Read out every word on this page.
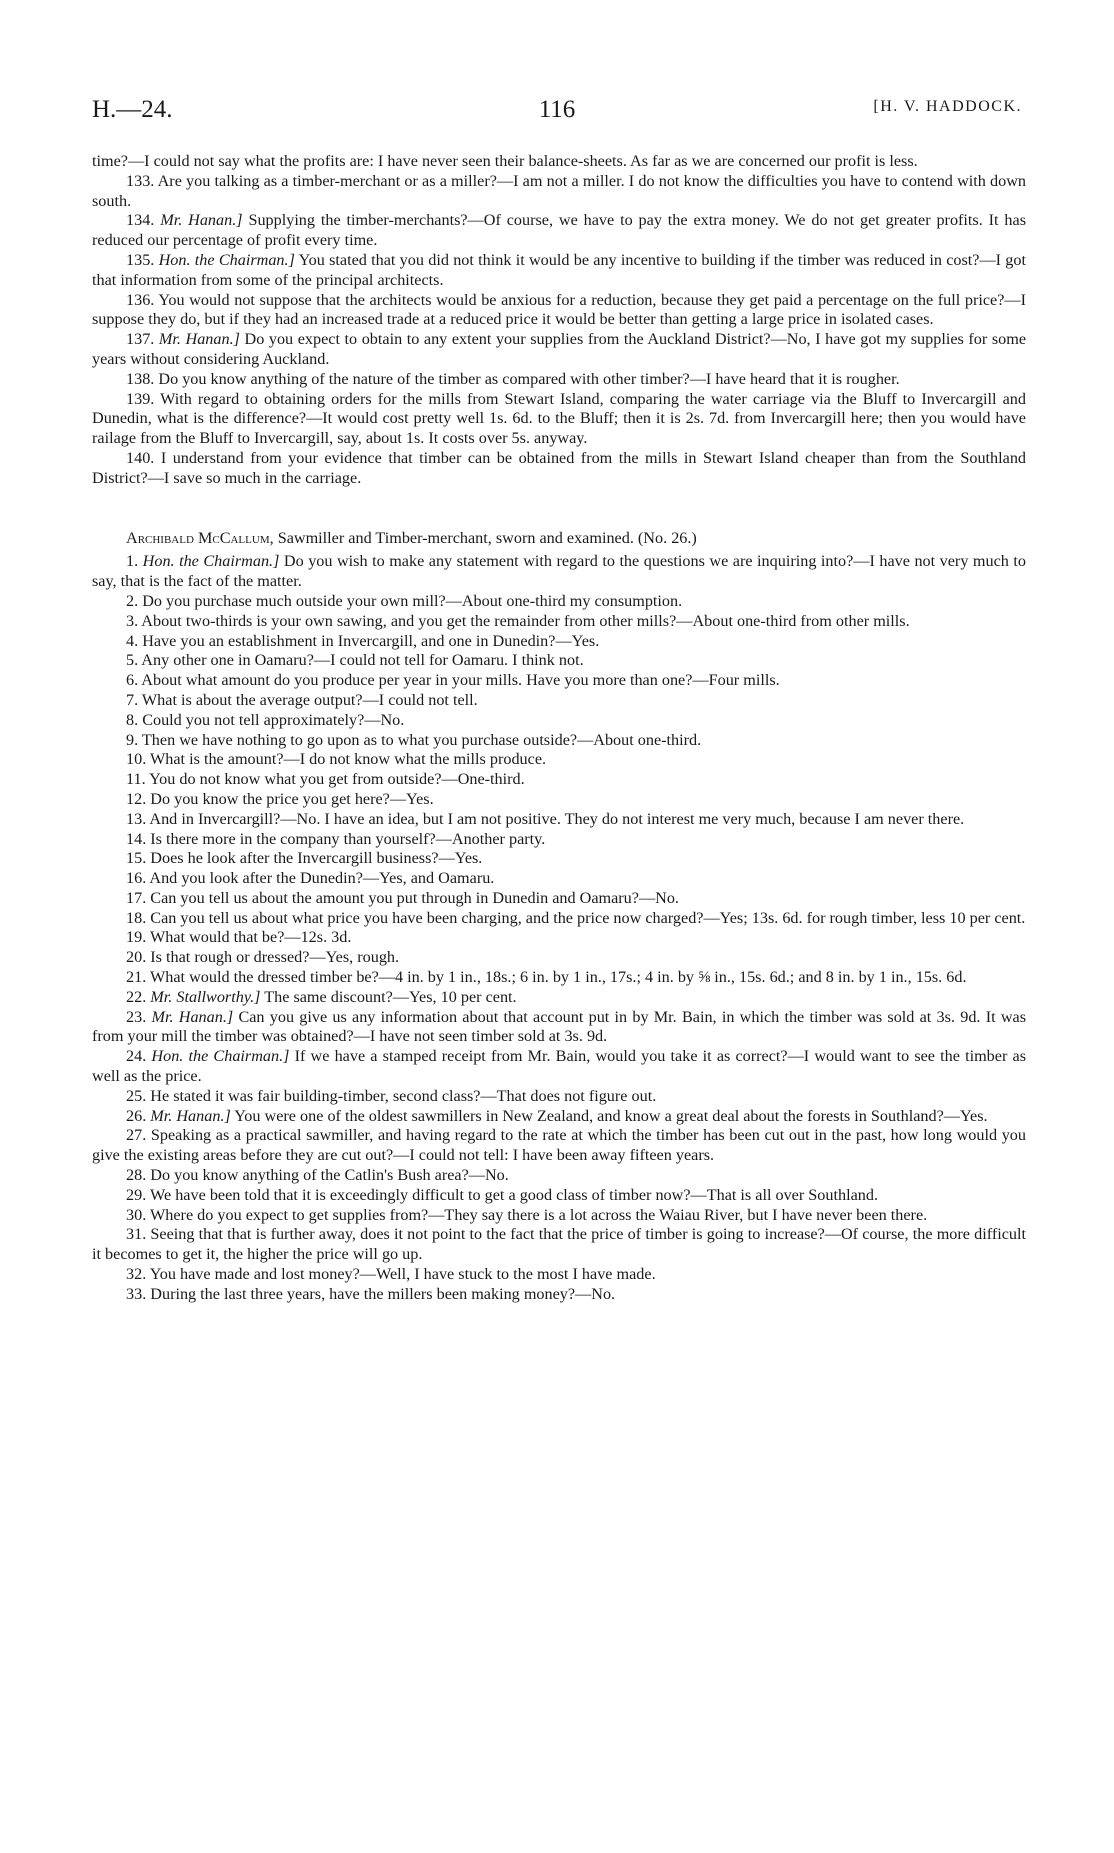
H.—24.	116	[H. V. HADDOCK.

time?—I could not say what the profits are: I have never seen their balance-sheets. As far as we are concerned our profit is less.

133. Are you talking as a timber-merchant or as a miller?—I am not a miller. I do not know the difficulties you have to contend with down south.

134. Mr. Hanan.] Supplying the timber-merchants?—Of course, we have to pay the extra money. We do not get greater profits. It has reduced our percentage of profit every time.

135. Hon. the Chairman.] You stated that you did not think it would be any incentive to building if the timber was reduced in cost?—I got that information from some of the principal architects.

136. You would not suppose that the architects would be anxious for a reduction, because they get paid a percentage on the full price?—I suppose they do, but if they had an increased trade at a reduced price it would be better than getting a large price in isolated cases.

137. Mr. Hanan.] Do you expect to obtain to any extent your supplies from the Auckland District?—No, I have got my supplies for some years without considering Auckland.

138. Do you know anything of the nature of the timber as compared with other timber?—I have heard that it is rougher.

139. With regard to obtaining orders for the mills from Stewart Island, comparing the water carriage via the Bluff to Invercargill and Dunedin, what is the difference?—It would cost pretty well 1s. 6d. to the Bluff; then it is 2s. 7d. from Invercargill here; then you would have railage from the Bluff to Invercargill, say, about 1s. It costs over 5s. anyway.

140. I understand from your evidence that timber can be obtained from the mills in Stewart Island cheaper than from the Southland District?—I save so much in the carriage.

Archibald McCallum, Sawmiller and Timber-merchant, sworn and examined. (No. 26.)

1. Hon. the Chairman.] Do you wish to make any statement with regard to the questions we are inquiring into?—I have not very much to say, that is the fact of the matter.

2. Do you purchase much outside your own mill?—About one-third my consumption.

3. About two-thirds is your own sawing, and you get the remainder from other mills?—About one-third from other mills.

4. Have you an establishment in Invercargill, and one in Dunedin?—Yes.

5. Any other one in Oamaru?—I could not tell for Oamaru. I think not.

6. About what amount do you produce per year in your mills. Have you more than one?—Four mills.

7. What is about the average output?—I could not tell.

8. Could you not tell approximately?—No.

9. Then we have nothing to go upon as to what you purchase outside?—About one-third.

10. What is the amount?—I do not know what the mills produce.

11. You do not know what you get from outside?—One-third.

12. Do you know the price you get here?—Yes.

13. And in Invercargill?—No. I have an idea, but I am not positive. They do not interest me very much, because I am never there.

14. Is there more in the company than yourself?—Another party.

15. Does he look after the Invercargill business?—Yes.

16. And you look after the Dunedin?—Yes, and Oamaru.

17. Can you tell us about the amount you put through in Dunedin and Oamaru?—No.

18. Can you tell us about what price you have been charging, and the price now charged?—Yes; 13s. 6d. for rough timber, less 10 per cent.

19. What would that be?—12s. 3d.

20. Is that rough or dressed?—Yes, rough.

21. What would the dressed timber be?—4 in. by 1 in., 18s.; 6 in. by 1 in., 17s.; 4 in. by ⅝ in., 15s. 6d.; and 8 in. by 1 in., 15s. 6d.

22. Mr. Stallworthy.] The same discount?—Yes, 10 per cent.

23. Mr. Hanan.] Can you give us any information about that account put in by Mr. Bain, in which the timber was sold at 3s. 9d. It was from your mill the timber was obtained?—I have not seen timber sold at 3s. 9d.

24. Hon. the Chairman.] If we have a stamped receipt from Mr. Bain, would you take it as correct?—I would want to see the timber as well as the price.

25. He stated it was fair building-timber, second class?—That does not figure out.

26. Mr. Hanan.] You were one of the oldest sawmillers in New Zealand, and know a great deal about the forests in Southland?—Yes.

27. Speaking as a practical sawmiller, and having regard to the rate at which the timber has been cut out in the past, how long would you give the existing areas before they are cut out?—I could not tell: I have been away fifteen years.

28. Do you know anything of the Catlin's Bush area?—No.

29. We have been told that it is exceedingly difficult to get a good class of timber now?—That is all over Southland.

30. Where do you expect to get supplies from?—They say there is a lot across the Waiau River, but I have never been there.

31. Seeing that that is further away, does it not point to the fact that the price of timber is going to increase?—Of course, the more difficult it becomes to get it, the higher the price will go up.

32. You have made and lost money?—Well, I have stuck to the most I have made.

33. During the last three years, have the millers been making money?—No.
